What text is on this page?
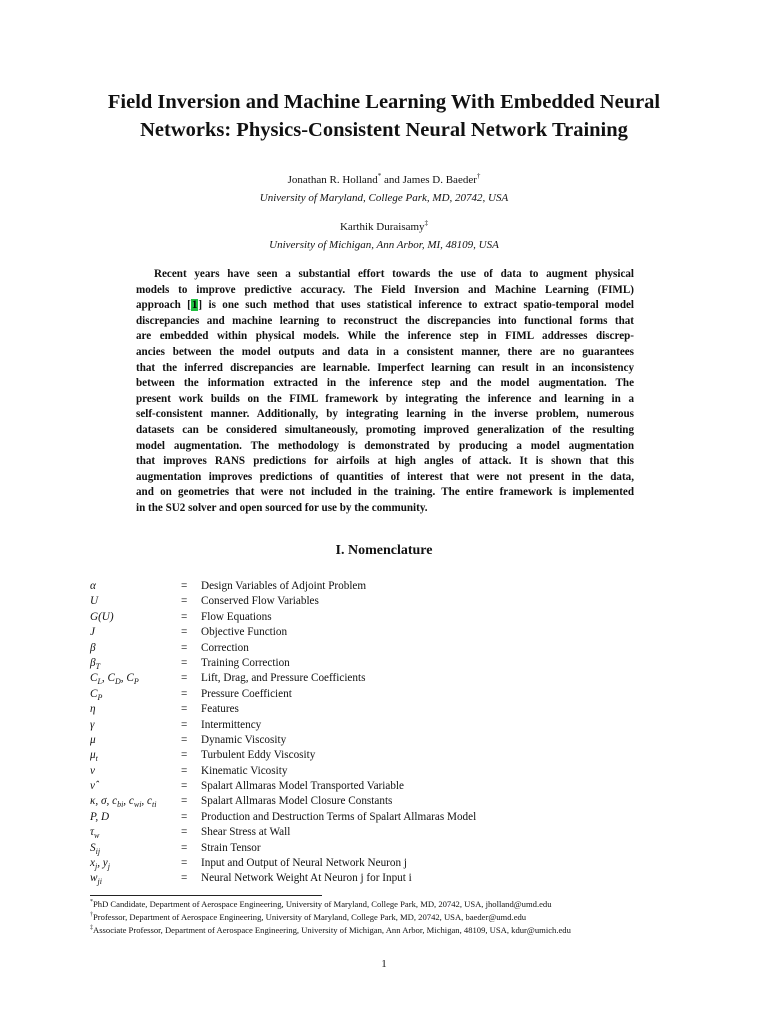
Field Inversion and Machine Learning With Embedded Neural
Networks: Physics-Consistent Neural Network Training
Jonathan R. Holland* and James D. Baeder†
University of Maryland, College Park, MD, 20742, USA
Karthik Duraisamy‡
University of Michigan, Ann Arbor, MI, 48109, USA
Recent years have seen a substantial effort towards the use of data to augment physical
models to improve predictive accuracy. The Field Inversion and Machine Learning (FIML)
approach [1] is one such method that uses statistical inference to extract spatio-temporal model
discrepancies and machine learning to reconstruct the discrepancies into functional forms that
are embedded within physical models. While the inference step in FIML addresses discrep-
ancies between the model outputs and data in a consistent manner, there are no guarantees
that the inferred discrepancies are learnable. Imperfect learning can result in an inconsistency
between the information extracted in the inference step and the model augmentation. The
present work builds on the FIML framework by integrating the inference and learning in a
self-consistent manner. Additionally, by integrating learning in the inverse problem, numerous
datasets can be considered simultaneously, promoting improved generalization of the resulting
model augmentation. The methodology is demonstrated by producing a model augmentation
that improves RANS predictions for airfoils at high angles of attack. It is shown that this
augmentation improves predictions of quantities of interest that were not present in the data,
and on geometries that were not included in the training. The entire framework is implemented
in the SU2 solver and open sourced for use by the community.
I. Nomenclature
α	= Design Variables of Adjoint Problem
U	= Conserved Flow Variables
G(U)	= Flow Equations
J	= Objective Function
β	= Correction
$\beta_T$	= Training Correction
$C_L$, $C_D$, $C_P$	= Lift, Drag, and Pressure Coefficients
$C_P$	= Pressure Coefficient
η	= Features
γ	= Intermittency
μ	= Dynamic Viscosity
$\mu_t$	= Turbulent Eddy Viscosity
ν	= Kinematic Vicosity
ν̂	= Spalart Allmaras Model Transported Variable
κ, σ, $c_{bi}$, $c_{wi}$, $c_{ti}$ = Spalart Allmaras Model Closure Constants
P, D	= Production and Destruction Terms of Spalart Allmaras Model
$\tau_w$	= Shear Stress at Wall
$S_{ij}$	= Strain Tensor
$x_j$, $y_j$	= Input and Output of Neural Network Neuron j
$w_{ji}$	= Neural Network Weight At Neuron j for Input i
*PhD Candidate, Department of Aerospace Engineering, University of Maryland, College Park, MD, 20742, USA, jholland@umd.edu
†Professor, Department of Aerospace Engineering, University of Maryland, College Park, MD, 20742, USA, baeder@umd.edu
‡Associate Professor, Department of Aerospace Engineering, University of Michigan, Ann Arbor, Michigan, 48109, USA, kdur@umich.edu
1
